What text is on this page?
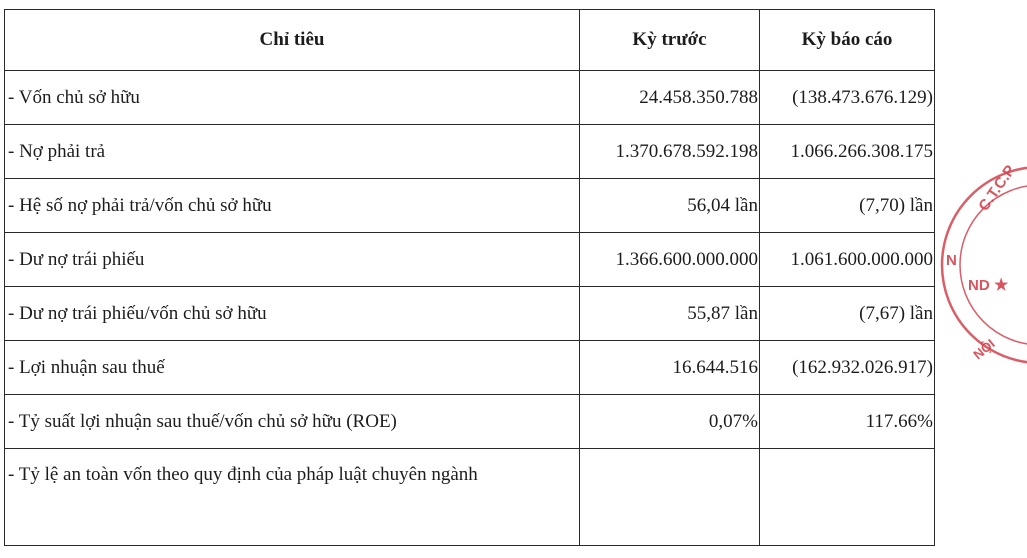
Chỉ tiêu	Kỳ trước	Kỳ báo cáo
- Vốn chủ sở hữu	24.458.350.788	(138.473.676.129)
- Nợ phải trả	1.370.678.592.198	1.066.266.308.175
- Hệ số nợ phải trả/vốn chủ sở hữu	56,04 lần	(7,70) lần
- Dư nợ trái phiếu	1.366.600.000.000	1.061.600.000.000
- Dư nợ trái phiếu/vốn chủ sở hữu	55,87 lần	(7,67) lần
- Lợi nhuận sau thuế	16.644.516	(162.932.026.917)
- Tỷ suất lợi nhuận sau thuế/vốn chủ sở hữu (ROE)	0,07%	117.66%
- Tỷ lệ an toàn vốn theo quy định của pháp luật chuyên ngành		
C.T.C.P
ND
N
★
NỘI
